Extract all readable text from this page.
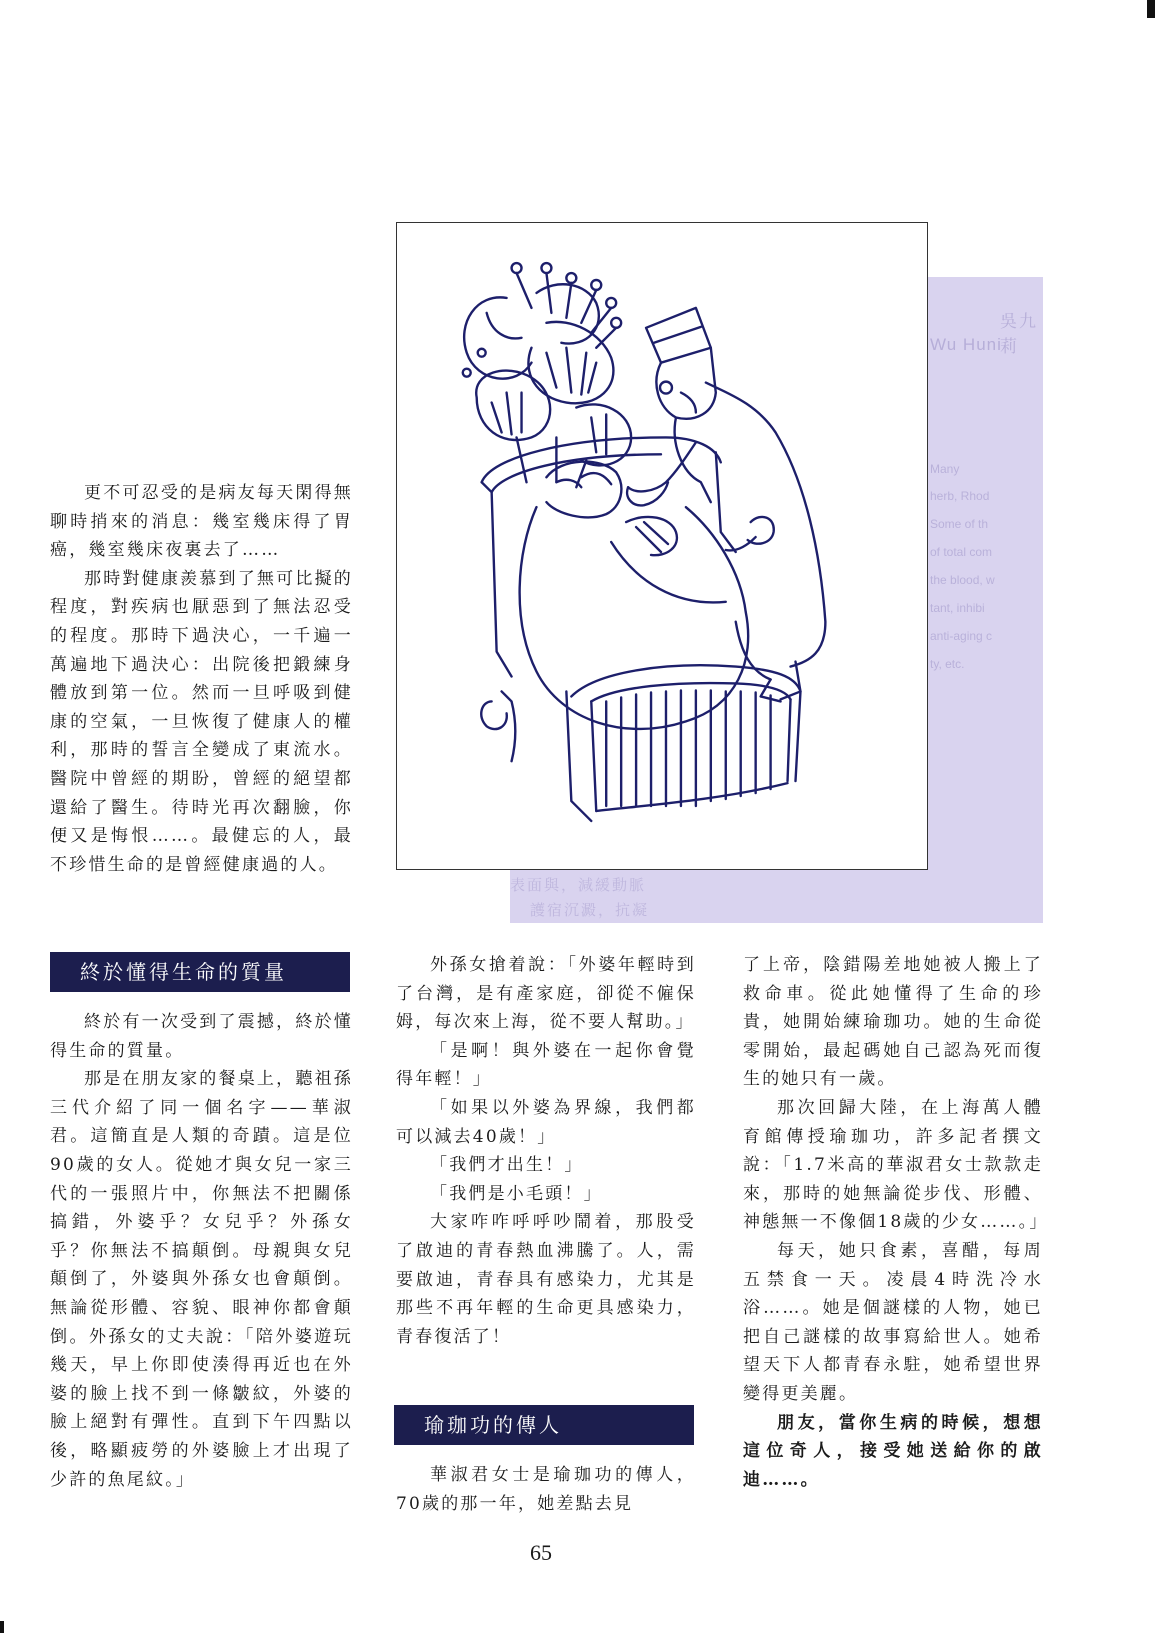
吳九莉
Wu Huni
Many
herb, Rhod
Some of th
of total com
the blood, w
tant, inhibi
anti-aging c
ty, etc.
表面與，減緩動脈
護宿沉澱，抗凝

更不可忍受的是病友每天閑得無聊時捎來的消息：幾室幾床得了胃癌，幾室幾床夜裏去了……

那時對健康羨慕到了無可比擬的程度，對疾病也厭惡到了無法忍受的程度。那時下過決心，一千遍一萬遍地下過決心：出院後把鍛練身體放到第一位。然而一旦呼吸到健康的空氣，一旦恢復了健康人的權利，那時的誓言全變成了東流水。醫院中曾經的期盼，曾經的絕望都還給了醫生。待時光再次翻臉，你便又是悔恨……。最健忘的人，最不珍惜生命的是曾經健康過的人。

終於懂得生命的質量

終於有一次受到了震撼，終於懂得生命的質量。

那是在朋友家的餐桌上，聽祖孫三代介紹了同一個名字——華淑君。這簡直是人類的奇蹟。這是位90歲的女人。從她才與女兒一家三代的一張照片中，你無法不把關係搞錯，外婆乎？女兒乎？外孫女乎？你無法不搞顛倒。母親與女兒顛倒了，外婆與外孫女也會顛倒。無論從形體、容貌、眼神你都會顛倒。外孫女的丈夫說：「陪外婆遊玩幾天，早上你即使湊得再近也在外婆的臉上找不到一條皺紋，外婆的臉上絕對有彈性。直到下午四點以後，略顯疲勞的外婆臉上才出現了少許的魚尾紋。」

外孫女搶着說：「外婆年輕時到了台灣，是有產家庭，卻從不僱保姆，每次來上海，從不要人幫助。」

「是啊！與外婆在一起你會覺得年輕！」

「如果以外婆為界線，我們都可以減去40歲！」

「我們才出生！」

「我們是小毛頭！」

大家咋咋呼呼吵鬧着，那股受了啟迪的青春熱血沸騰了。人，需要啟迪，青春具有感染力，尤其是那些不再年輕的生命更具感染力，青春復活了！

瑜珈功的傳人

華淑君女士是瑜珈功的傳人，70歲的那一年，她差點去見

了上帝，陰錯陽差地她被人搬上了救命車。從此她懂得了生命的珍貴，她開始練瑜珈功。她的生命從零開始，最起碼她自己認為死而復生的她只有一歲。

那次回歸大陸，在上海萬人體育館傳授瑜珈功，許多記者撰文說：「1.7米高的華淑君女士款款走來，那時的她無論從步伐、形體、神態無一不像個18歲的少女……。」

每天，她只食素，喜醋，每周五禁食一天。凌晨4時洗冷水浴……。她是個謎樣的人物，她已把自己謎樣的故事寫給世人。她希望天下人都青春永駐，她希望世界變得更美麗。

朋友，當你生病的時候，想想這位奇人，接受她送給你的啟迪……。

65
